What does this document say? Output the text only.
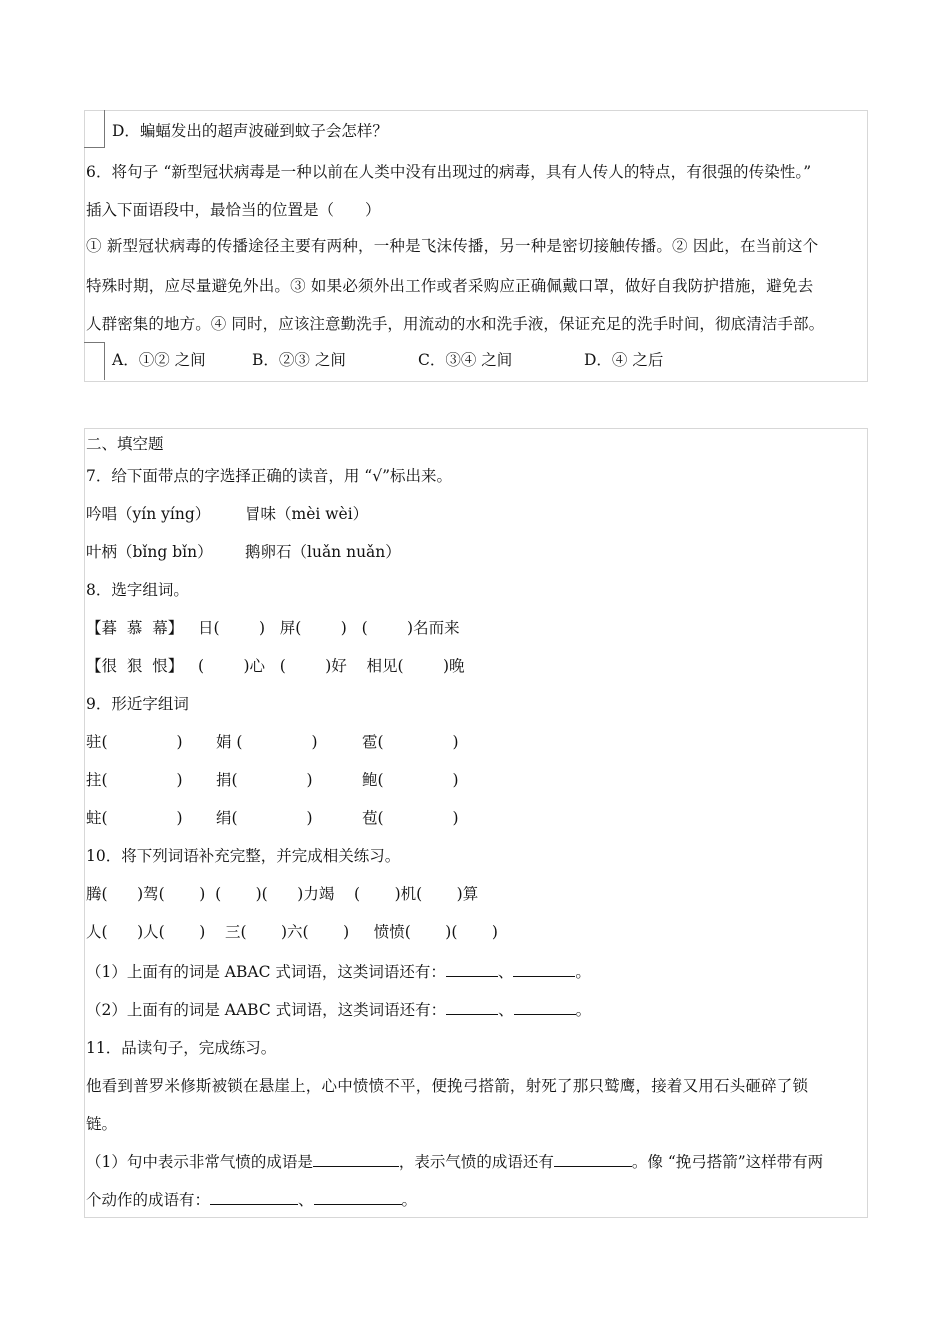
D．蝙蝠发出的超声波碰到蚊子会怎样？
6．将句子 “新型冠状病毒是一种以前在人类中没有出现过的病毒，具有人传人的特点，有很强的传染性。”
插入下面语段中，最恰当的位置是（　　）
① 新型冠状病毒的传播途径主要有两种，一种是飞沫传播，另一种是密切接触传播。② 因此，在当前这个
特殊时期，应尽量避免外出。③ 如果必须外出工作或者采购应正确佩戴口罩，做好自我防护措施，避免去
人群密集的地方。④ 同时，应该注意勤洗手，用流动的水和洗手液，保证充足的洗手时间，彻底清洁手部。
A．①② 之间	B．②③ 之间	C．③④ 之间	D．④ 之后
二、填空题
7．给下面带点的字选择正确的读音，用 “√”标出来。
吟唱（yín yíng） 冒味（mèi wèi）
叶柄（bǐng bǐn） 鹅卵石（luǎn nuǎn）
8．选字组词。
【暮  慕  幕】   日(        )   屏(        )   (        )名而来
【很  狠  恨】   (        )心   (        )好    相见(        )晚
9．形近字组词
驻(              ) 娟 (              )	雹(              )
拄(              ) 捐(              )	鲍(              )
蛀(              ) 绢(              )	苞(              )
10．将下列词语补充完整，并完成相关练习。
腾(      )驾(       )  (       )(      )力竭    (       )机(       )算
人(      )人(       )    三(       )六(       )     愤愤(       )(       )
（1）上面有的词是 ABAC 式词语，这类词语还有：	、	。
（2）上面有的词是 AABC 式词语，这类词语还有：	、	。
11．品读句子，完成练习。
他看到普罗米修斯被锁在悬崖上，心中愤愤不平，便挽弓搭箭，射死了那只鹫鹰，接着又用石头砸碎了锁
链。
（1）句中表示非常气愤的成语是	，表示气愤的成语还有	。像 “挽弓搭箭”这样带有两
个动作的成语有：	、	。
